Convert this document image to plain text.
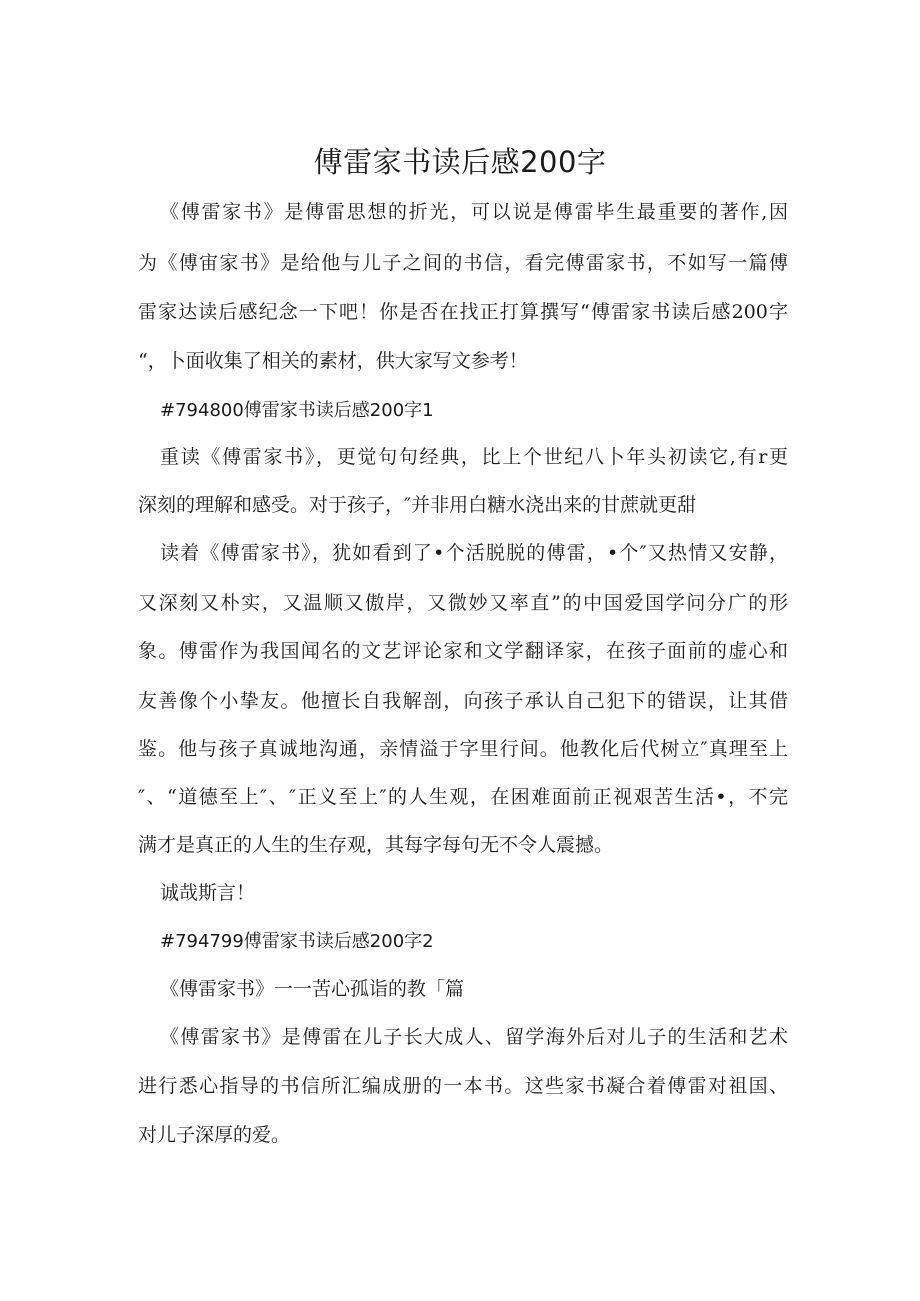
傅雷家书读后感200字

《傅雷家书》是傅雷思想的折光，可以说是傅雷毕生最重要的著作,因

为《傅宙家书》是给他与儿子之间的书信，看完傅雷家书，不如写一篇傅

雷家达读后感纪念一下吧！你是否在找正打算撰写“傅雷家书读后感200字

“，卜面收集了相关的素材，供大家写文参考！

#794800傅雷家书读后感200字1

重读《傅雷家书》，更觉句句经典，比上个世纪八卜年头初读它,有r更

深刻的理解和感受。对于孩子，″并非用白糖水浇出来的甘蔗就更甜

读着《傅雷家书》，犹如看到了•个活脱脱的傅雷，•个″又热情又安静，

又深刻又朴实，又温顺又傲岸，又微妙又率直”的中国爱国学问分广的形

象。傅雷作为我国闻名的文艺评论家和文学翻译家，在孩子面前的虚心和

友善像个小挚友。他擅长自我解剖，向孩子承认自己犯下的错误，让其借

鉴。他与孩子真诚地沟通，亲情溢于字里行间。他教化后代树立″真理至上

″、“道德至上″、″正义至上″的人生观，在困难面前正视艰苦生活•，不完

满才是真正的人生的生存观，其每字每句无不令人震撼。

诚哉斯言！

#794799傅雷家书读后感200字2

《傅雷家书》一一苦心孤诣的教「篇

《傅雷家书》是傅雷在儿子长大成人、留学海外后对儿子的生活和艺术

进行悉心指导的书信所汇编成册的一本书。这些家书凝合着傅雷对祖国、

对儿子深厚的爱。
